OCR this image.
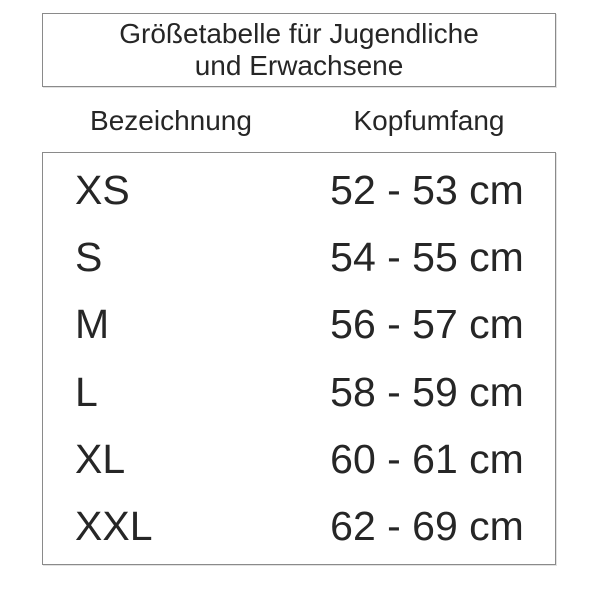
Größetabelle für Jugendliche
und Erwachsene
Bezeichnung	Kopfumfang
XS	52 - 53 cm
S	54 - 55 cm
M	56 - 57 cm
L	58 - 59 cm
XL	60 - 61 cm
XXL	62 - 69 cm
